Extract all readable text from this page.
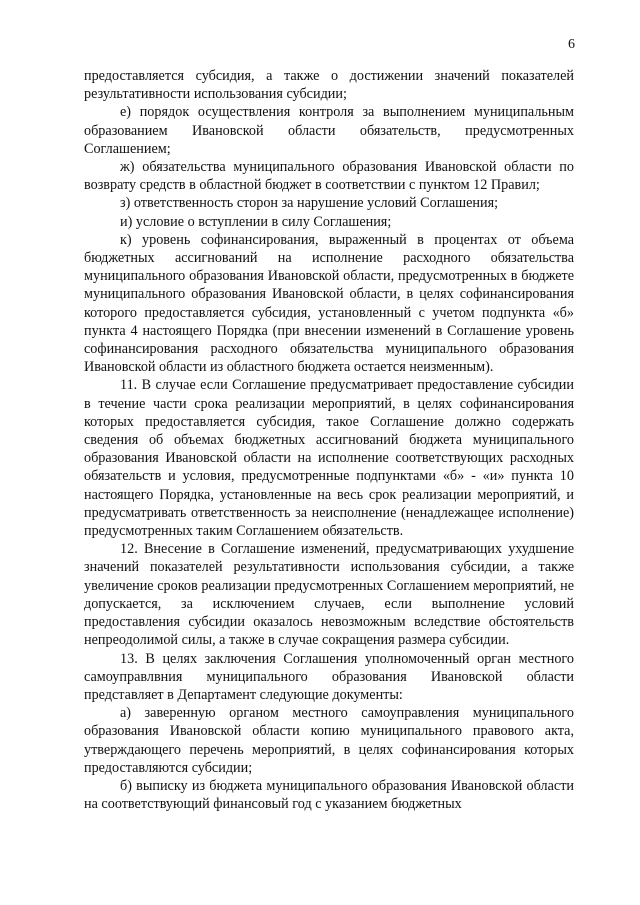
6

предоставляется субсидия, а также о достижении значений показателей результативности использования субсидии;

е) порядок осуществления контроля за выполнением муниципальным образованием Ивановской области обязательств, предусмотренных Соглашением;

ж) обязательства муниципального образования Ивановской области по возврату средств в областной бюджет в соответствии с пунктом 12 Правил;

з) ответственность сторон за нарушение условий Соглашения;

и) условие о вступлении в силу Соглашения;

к) уровень софинансирования, выраженный в процентах от объема бюджетных ассигнований на исполнение расходного обязательства муниципального образования Ивановской области, предусмотренных в бюджете муниципального образования Ивановской области, в целях софинансирования которого предоставляется субсидия, установленный с учетом подпункта «б» пункта 4 настоящего Порядка (при внесении изменений в Соглашение уровень софинансирования расходного обязательства муниципального образования Ивановской области из областного бюджета остается неизменным).

11. В случае если Соглашение предусматривает предоставление субсидии в течение части срока реализации мероприятий, в целях софинансирования которых предоставляется субсидия, такое Соглашение должно содержать сведения об объемах бюджетных ассигнований бюджета муниципального образования Ивановской области на исполнение соответствующих расходных обязательств и условия, предусмотренные подпунктами «б» - «и» пункта 10 настоящего Порядка, установленные на весь срок реализации мероприятий, и предусматривать ответственность за неисполнение (ненадлежащее исполнение) предусмотренных таким Соглашением обязательств.

12. Внесение в Соглашение изменений, предусматривающих ухудшение значений показателей результативности использования субсидии, а также увеличение сроков реализации предусмотренных Соглашением мероприятий, не допускается, за исключением случаев, если выполнение условий предоставления субсидии оказалось невозможным вследствие обстоятельств непреодолимой силы, а также в случае сокращения размера субсидии.

13. В целях заключения Соглашения уполномоченный орган местного самоуправлвния муниципального образования Ивановской области представляет в Департамент следующие документы:

а) заверенную органом местного самоуправления муниципального образования Ивановской области копию муниципального правового акта, утверждающего перечень мероприятий, в целях софинансирования которых предоставляются субсидии;

б) выписку из бюджета муниципального образования Ивановской области на соответствующий финансовый год с указанием бюджетных
